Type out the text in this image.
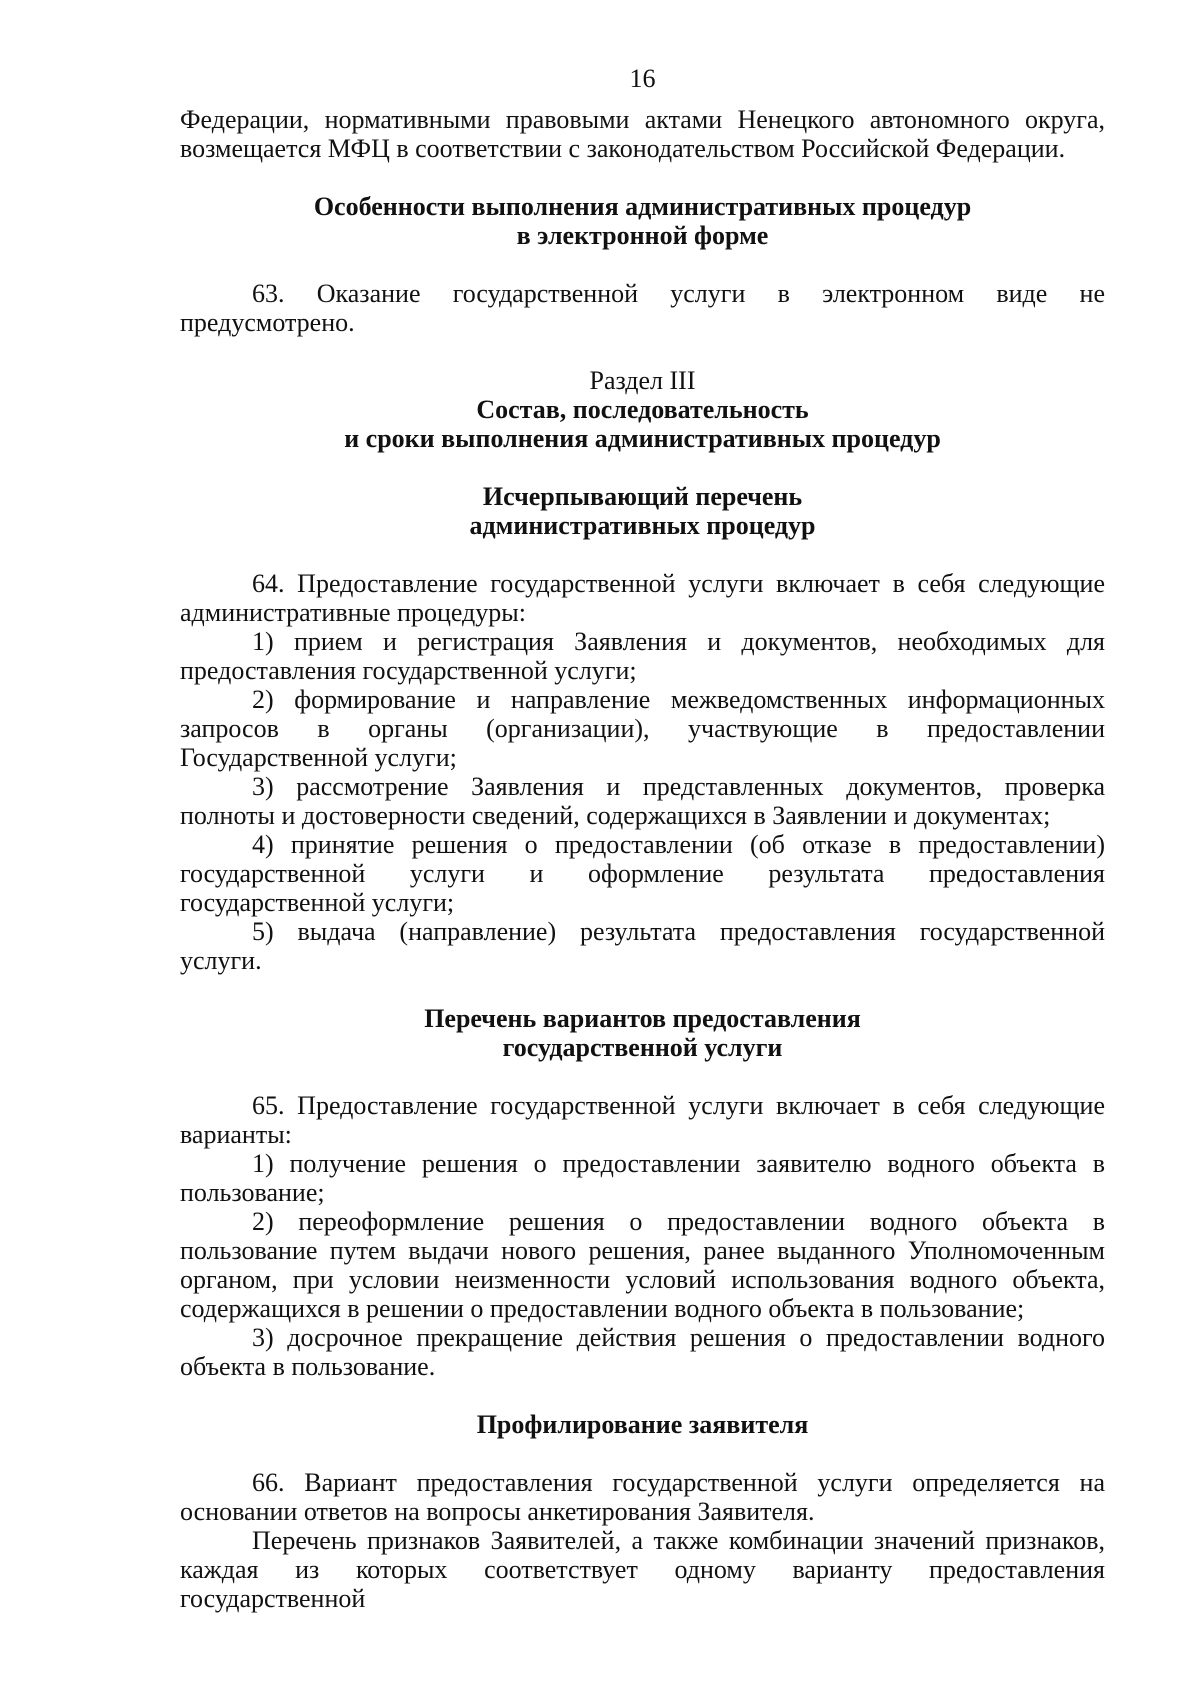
16

Федерации, нормативными правовыми актами Ненецкого автономного округа, возмещается МФЦ в соответствии с законодательством Российской Федерации.

Особенности выполнения административных процедур
в электронной форме

63. Оказание государственной услуги в электронном виде не предусмотрено.

Раздел III
Состав, последовательность
и сроки выполнения административных процедур
Исчерпывающий перечень
административных процедур

64. Предоставление государственной услуги включает в себя следующие административные процедуры:

1) прием и регистрация Заявления и документов, необходимых для предоставления государственной услуги;

2) формирование и направление межведомственных информационных запросов в органы (организации), участвующие в предоставлении Государственной услуги;

3) рассмотрение Заявления и представленных документов, проверка полноты и достоверности сведений, содержащихся в Заявлении и документах;

4) принятие решения о предоставлении (об отказе в предоставлении) государственной услуги и оформление результата предоставления государственной услуги;

5) выдача (направление) результата предоставления государственной услуги.

Перечень вариантов предоставления
государственной услуги

65. Предоставление государственной услуги включает в себя следующие варианты:

1) получение решения о предоставлении заявителю водного объекта в пользование;

2) переоформление решения о предоставлении водного объекта в пользование путем выдачи нового решения, ранее выданного Уполномоченным органом, при условии неизменности условий использования водного объекта, содержащихся в решении о предоставлении водного объекта в пользование;

3) досрочное прекращение действия решения о предоставлении водного объекта в пользование.

Профилирование заявителя

66. Вариант предоставления государственной услуги определяется на основании ответов на вопросы анкетирования Заявителя.

Перечень признаков Заявителей, а также комбинации значений признаков, каждая из которых соответствует одному варианту предоставления государственной
